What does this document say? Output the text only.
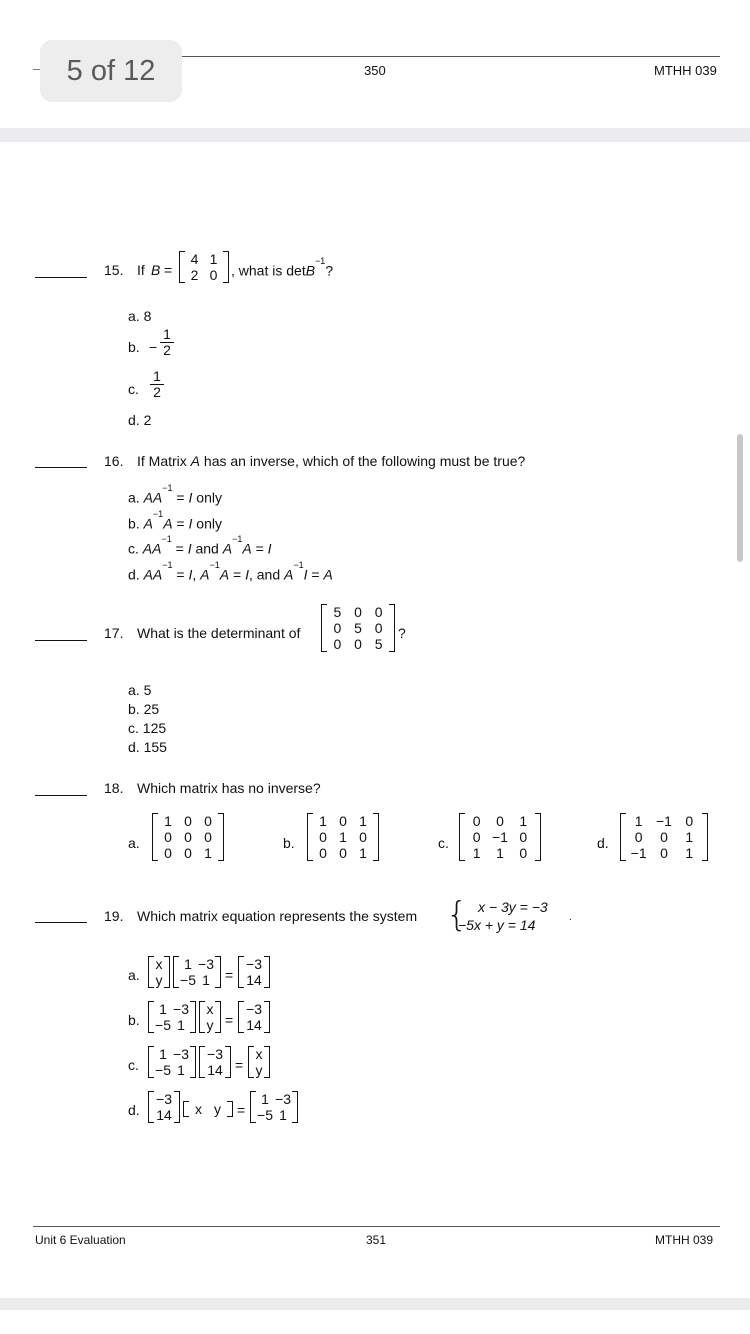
– 5 of 12	350	MTHH 039
15. If B =
4 1
2 0 , what is detB$^{-1}$?
a. 8
b. − $\frac{1}{2}$
c. $\frac{1}{2}$
d. 2
16. If Matrix A has an inverse, which of the following must be true?
a. $AA^{-1} = I$ only
b. $A^{-1}A = I$ only
c. $AA^{-1} = I$ and $A^{-1}A = I$
d. $AA^{-1} = I$, $A^{-1}A = I$, and $A^{-1}I = A$
17. What is the determinant of
5 0 0
0 5 0
0 0 5
?
a. 5
b. 25
c. 125
d. 155
18. Which matrix has no inverse?
a.
1 0 0
0 0 0
0 0 1
b.
1 0 1
0 1 0
0 0 1
c.
0	0	1
0 −1 0
1	1	0
d.
1 −1 0
0	0	1
−1 0	1
19. Which matrix equation represents the system { x − 3y = −3
−5x + y = 14	.
a.
x
y
1 −3
−5 1	=
−3
14
b.
1 −3
−5 1
x
y =
−3
14
c.
1 −3
−5 1
−3
14 =
x
y
d.
−3
14	x y	=
1 −3
−5 1
Unit 6 Evaluation	351	MTHH 039
